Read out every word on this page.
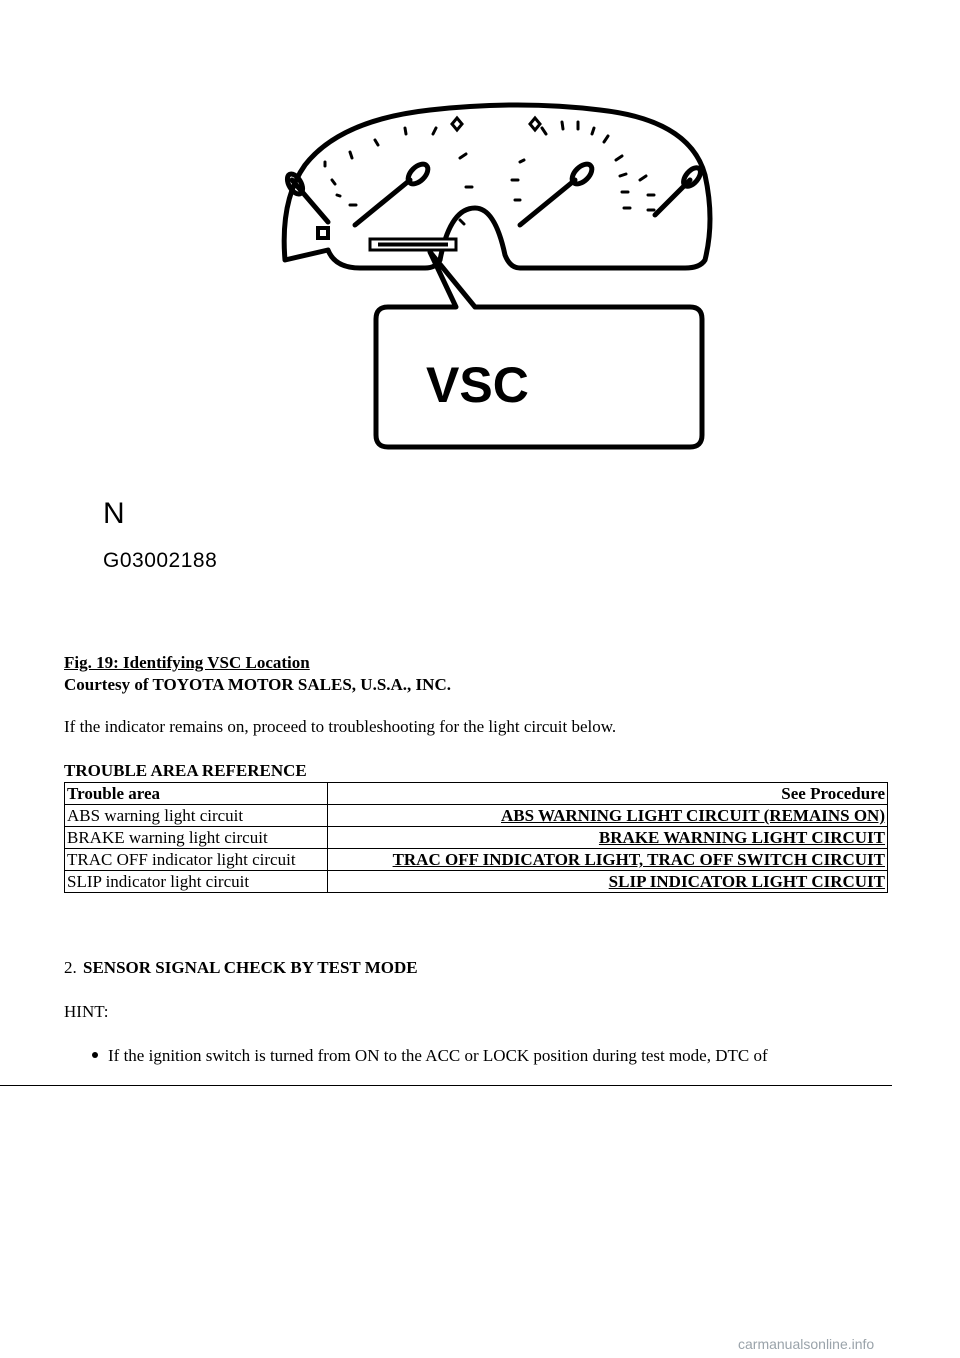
VSC
N
G03002188
Fig. 19: Identifying VSC Location
Courtesy of TOYOTA MOTOR SALES, U.S.A., INC.
If the indicator remains on, proceed to troubleshooting for the light circuit below.
TROUBLE AREA REFERENCE
Trouble area	See Procedure
ABS warning light circuit	ABS WARNING LIGHT CIRCUIT (REMAINS ON)
BRAKE warning light circuit	BRAKE WARNING LIGHT CIRCUIT
TRAC OFF indicator light circuit	TRAC OFF INDICATOR LIGHT, TRAC OFF SWITCH CIRCUIT
SLIP indicator light circuit	SLIP INDICATOR LIGHT CIRCUIT
2. SENSOR SIGNAL CHECK BY TEST MODE
HINT:
If the ignition switch is turned from ON to the ACC or LOCK position during test mode, DTC of
carmanualsonline.info
